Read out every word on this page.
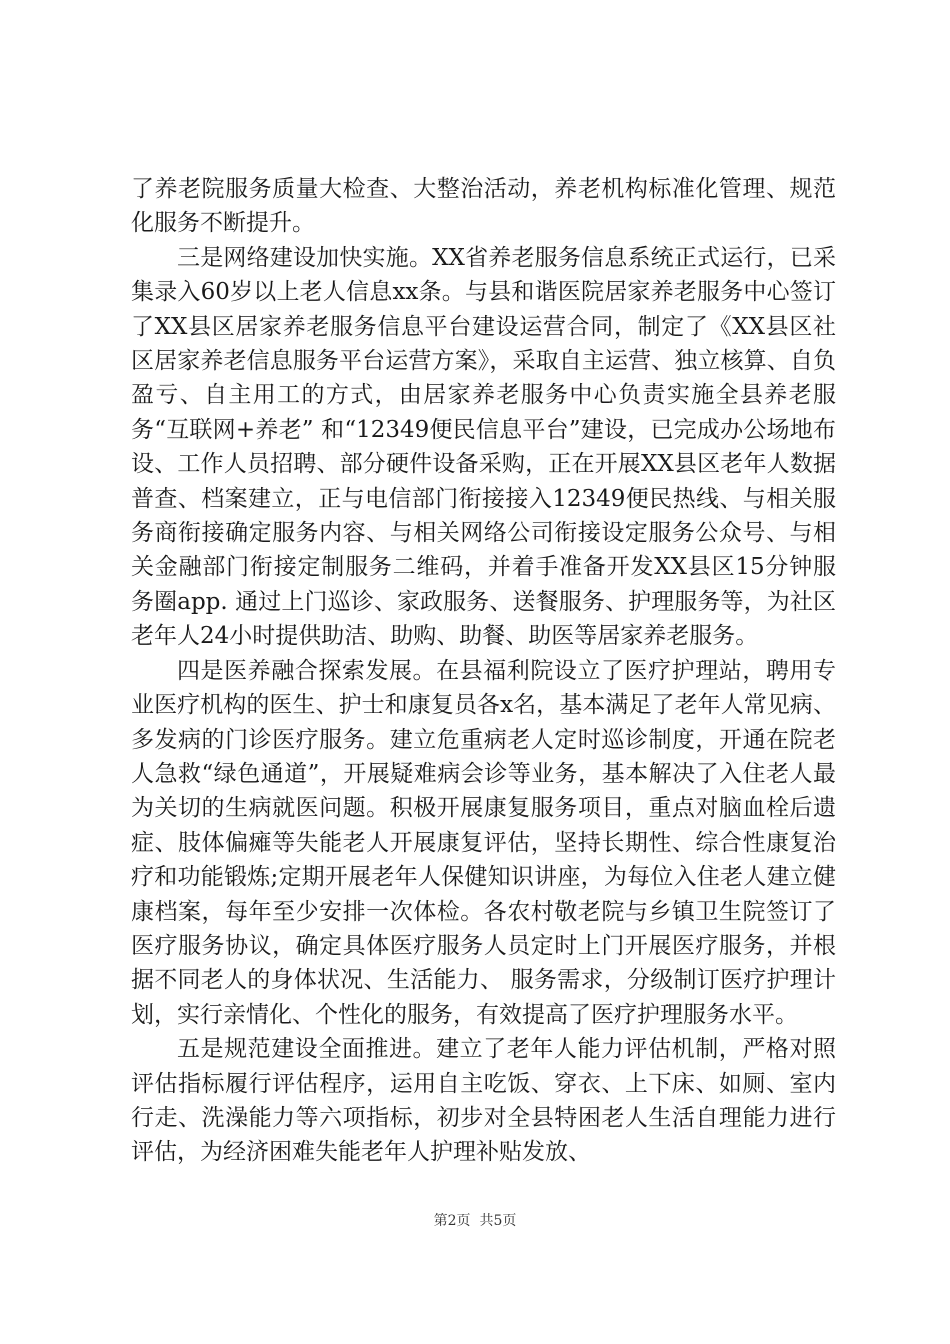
了养老院服务质量大检查、大整治活动，养老机构标准化管理、规范化服务不断提升。

三是网络建设加快实施。XX省养老服务信息系统正式运行，已采集录入60岁以上老人信息xx条。与县和谐医院居家养老服务中心签订了XX县区居家养老服务信息平台建设运营合同，制定了《XX县区社区居家养老信息服务平台运营方案》，采取自主运营、独立核算、自负盈亏、自主用工的方式，由居家养老服务中心负责实施全县养老服务“互联网+养老” 和“12349便民信息平台”建设，已完成办公场地布设、工作人员招聘、部分硬件设备采购，正在开展XX县区老年人数据普查、档案建立，正与电信部门衔接接入12349便民热线、与相关服务商衔接确定服务内容、与相关网络公司衔接设定服务公众号、与相关金融部门衔接定制服务二维码，并着手准备开发XX县区15分钟服务圈app. 通过上门巡诊、家政服务、送餐服务、护理服务等，为社区老年人24小时提供助洁、助购、助餐、助医等居家养老服务。

四是医养融合探索发展。在县福利院设立了医疗护理站，聘用专业医疗机构的医生、护士和康复员各x名，基本满足了老年人常见病、多发病的门诊医疗服务。建立危重病老人定时巡诊制度，开通在院老人急救“绿色通道”，开展疑难病会诊等业务，基本解决了入住老人最为关切的生病就医问题。积极开展康复服务项目，重点对脑血栓后遗症、肢体偏瘫等失能老人开展康复评估，坚持长期性、综合性康复治疗和功能锻炼;定期开展老年人保健知识讲座，为每位入住老人建立健康档案，每年至少安排一次体检。各农村敬老院与乡镇卫生院签订了医疗服务协议，确定具体医疗服务人员定时上门开展医疗服务，并根据不同老人的身体状况、生活能力、 服务需求，分级制订医疗护理计划，实行亲情化、个性化的服务，有效提高了医疗护理服务水平。

五是规范建设全面推进。建立了老年人能力评估机制，严格对照评估指标履行评估程序，运用自主吃饭、穿衣、上下床、如厕、室内行走、洗澡能力等六项指标，初步对全县特困老人生活自理能力进行评估，为经济困难失能老年人护理补贴发放、

第2页  共5页
